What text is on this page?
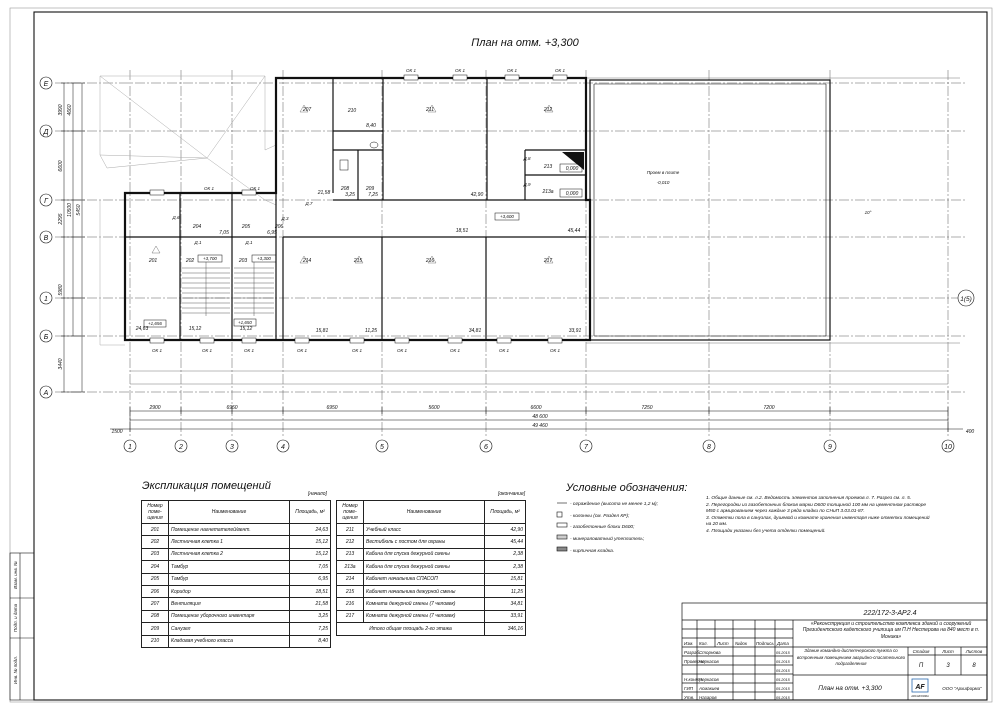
План на отм. +3,300
Е
Д
Г
В
1
Б
А
1(5)
1	2	3	4	5	6	7	8	9	10
3990 4660
6600
2295
10500 5450
5980
3440
2900	6950	6950	5600	6600	7250	7200
48 600
49 460
1500	400
ОК 1	ОК 1	ОК 1	ОК 1
ОК 1	ОК 1
ОК 1	ОК 1	ОК 1	ОК 1	ОК 1	ОК 1	ОК 1	ОК 1	ОК 1
201	202	203
204	205	206
207
208	209
210	211	212
213
213а
214	215	216	217
24,63	15,12	15,12
7,05	6,95	18,51
21,58	3,25	7,25
8,40
42,90
45,44
0,000
0,000
15,81	11,25	34,81	33,91
+1,656	+1,650
+3,700	+3,300
+3,600
Д.3
Д.6
Д.1	Д.1
Д.7
Д.8
Д.9
Проем в плите
-0,010
10°
Взам. инв. №
Подп. и дата
Инв. № подл.
222/172-3-АР2.4
Изм. Кол. Лист №док Подпись Дата
Разраб.
Сторнова	05.2015
Проверил
Черкасов	05.2015
05.2015
Н.контр.
Черкасов	05.2015
ГИП Асмакиев	05.2015
Утв. Назаров	05.2015
План на отм. +3,300
Стадия	Лист	Листов
П	3	8
ООО "Архиформа"
AF
ARCHIFORMA
Экспликация помещений
[начало]	[окончание]
Номер поме- щения	Наименование	Площадь, м²
201	Помещение нагнетателей/вент.	24,63
202	Лестничная клетка 1	15,12
203	Лестничная клетка 2	15,12
204	Тамбур	7,05
205	Тамбур	6,95
206	Коридор	18,51
207	Вентиляция	21,58
208	Помещение уборочного инвентаря	3,25
209	Санузел	7,25
210	Кладовая учебного класса	8,40
Номер поме- щения	Наименование	Площадь, м²
211	Учебный класс	42,90
212	Вестибюль с постом для охраны	45,44
213	Кабина для спуска дежурной смены	2,38
213а	Кабина для спуска дежурной смены	2,38
214	Кабинет начальника СПАСОП	15,81
215	Кабинет начальника дежурной смены	11,25
216	Комната дежурной смены (7 человек)	34,81
217	Комната дежурной смены (7 человек)	33,91
Итого общая площадь 2-го этажа		346,16
Условные обозначения:
- ограждение (высота не менее 1,2 м);
- колонны (см. Раздел КР);
- газобетонные блоки D600;
- минераловатный утеплитель;
- кирпичная кладка.
1. Общие данные см. л.2. Ведомость элементов заполнения проемов л. 7. Разрез см. л. 5.
2. Перегородки из газобетонных блоков марки D600 толщиной 100 мм на цементном растворе М50 с армированием через каждые 3 ряда кладки по СНиП 3.03.01-87.
3. Отметки пола в санузлах, душевой и комнате хранения инвентаря ниже отметки помещений на 20 мм.
4. Площади указаны без учета отделки помещений.
«Реконструкция и строительство комплекса зданий и сооружений Президентского кадетского училища им П.Н Нестерова на 840 мест в п. Моника»
Здание командно-диспетчерского пункта со встроенным помещением аварийно-спасательного подразделения
